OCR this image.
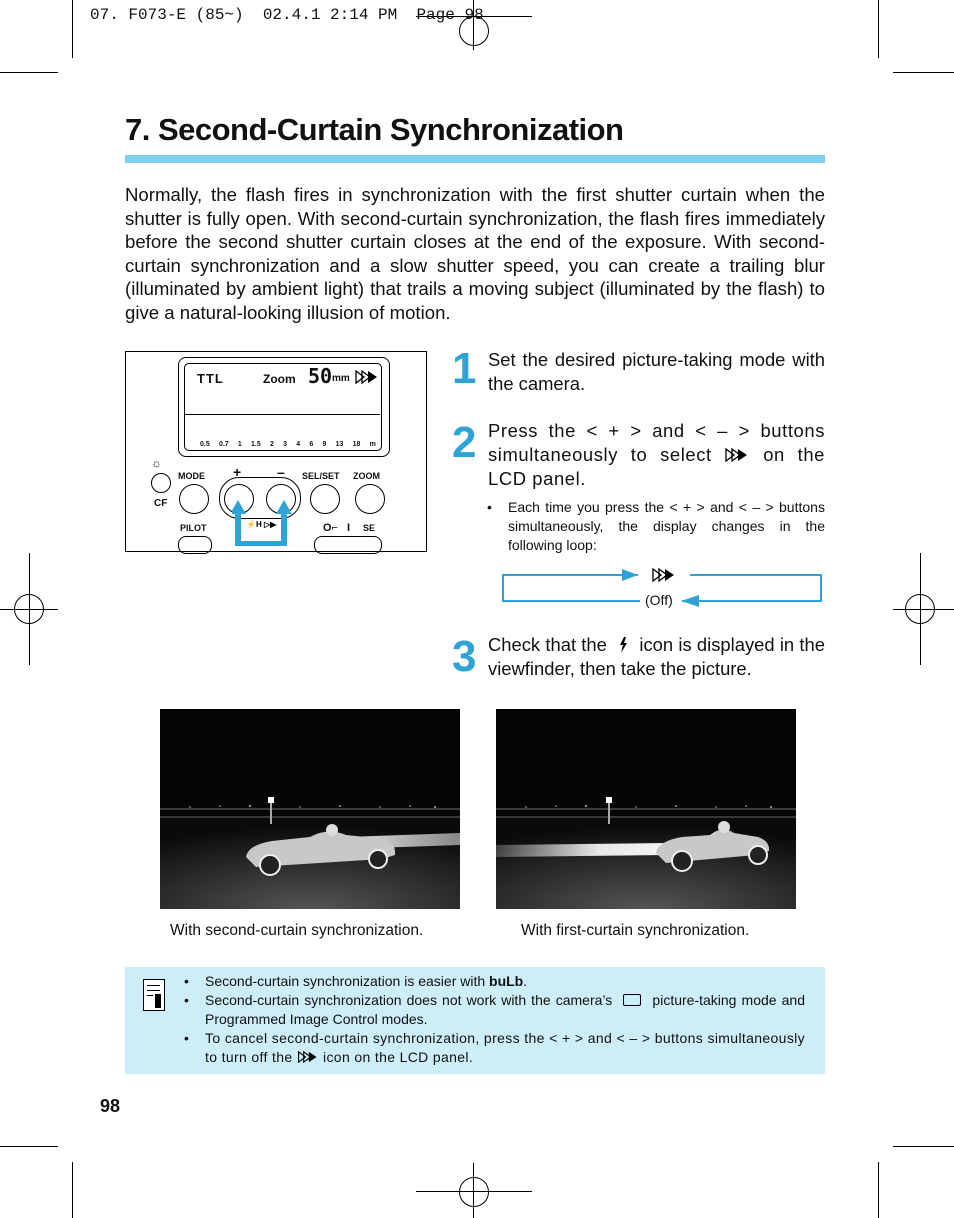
07. F073-E (85~)  02.4.1 2:14 PM  Page 98
7. Second-Curtain Synchronization
Normally, the flash fires in synchronization with the first shutter curtain when the shutter is fully open. With second-curtain synchronization, the flash fires immediately before the second shutter curtain closes at the end of the exposure. With second-curtain synchronization and a slow shutter speed, you can create a trailing blur (illuminated by ambient light) that trails a moving subject (illuminated by the flash) to give a natural-looking illusion of motion.
TTL	Zoom 50 mm
0.5 0.7 1 1.5 2 3 4 6 9 13 18 m
☼
CF
MODE +	– SEL/SET ZOOM
PILOT	O⌐ I SE
⚡H ▷▶
1 Set the desired picture-taking mode with the camera.
2 Press the < + > and < – > buttons simultaneously to select	on the LCD panel.
• Each time you press the < + > and < – > buttons simultaneously, the display changes in the following loop:
(Off)
3 Check that the icon is displayed in the viewfinder, then take the picture.
With second-curtain synchronization.	With first-curtain synchronization.
• Second-curtain synchronization is easier with buLb.
• Second-curtain synchronization does not work with the camera’s	picture-taking mode and Programmed Image Control modes.
• To cancel second-curtain synchronization, press the < + > and < – > buttons simultaneously to turn off the icon on the LCD panel.
98
